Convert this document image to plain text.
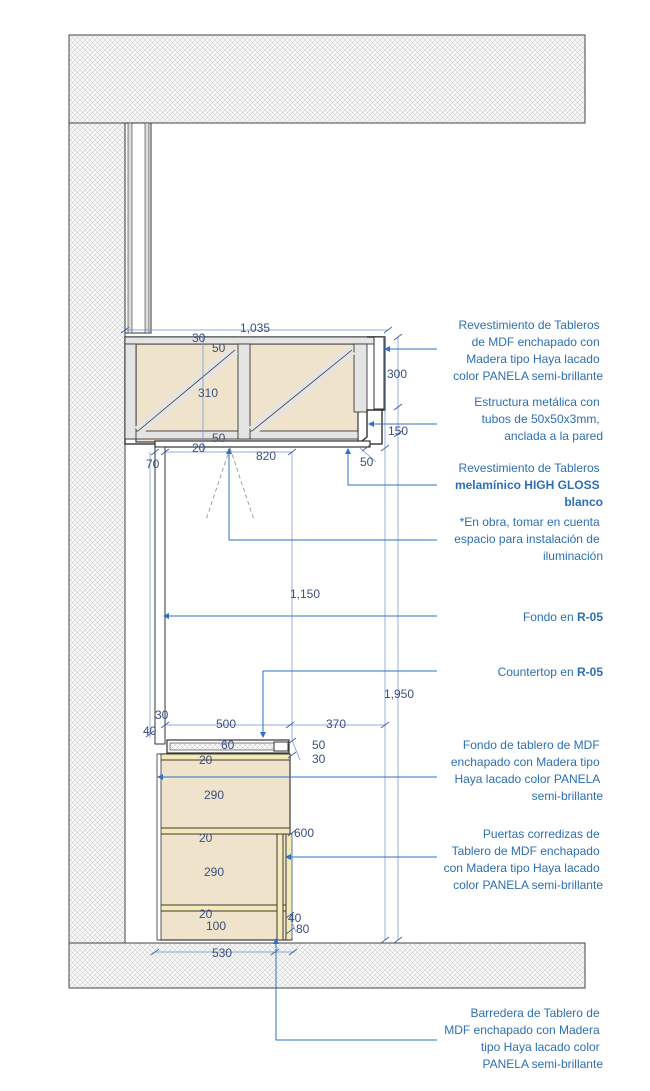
1,035
30
50
310
50
20
70
820
300
150
50
1,150
1,950
30
40	500	370
60	50
30
20
290
600
20
290
20
100
40
80
530
Revestimiento de Tableros de MDF enchapado con Madera tipo Haya lacado color PANELA semi-brillante
Estructura metálica con tubos de 50x50x3mm, anclada a la pared
Revestimiento de Tableros melamínico HIGH GLOSS blanco
*En obra, tomar en cuenta espacio para instalación de iluminación
Fondo en R-05
Countertop en R-05
Fondo de tablero de MDF enchapado con Madera tipo Haya lacado color PANELA semi-brillante
Puertas corredizas de Tablero de MDF enchapado con Madera tipo Haya lacado color PANELA semi-brillante
Barredera de Tablero de MDF enchapado con Madera tipo Haya lacado color PANELA semi-brillante
